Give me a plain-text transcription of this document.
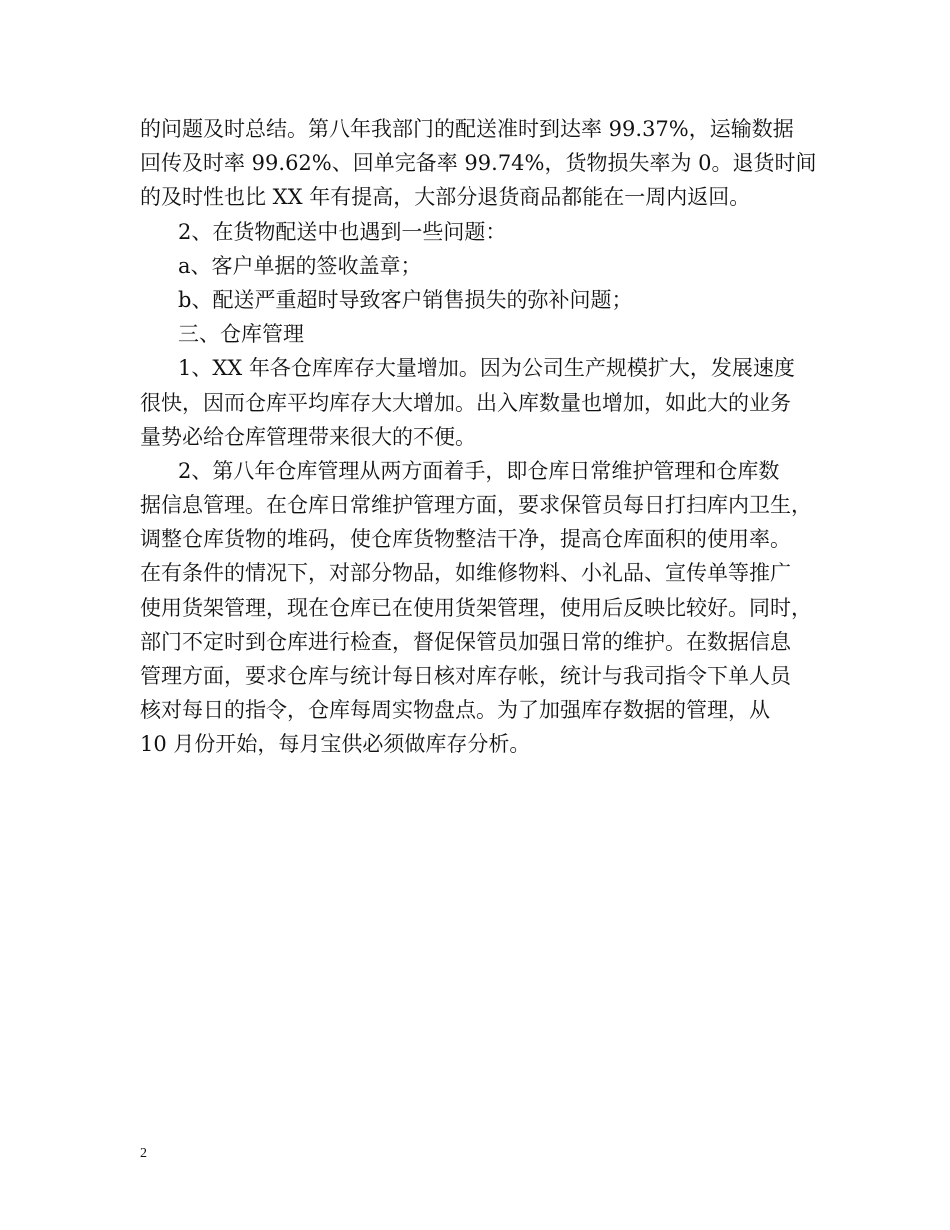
的问题及时总结。第八年我部门的配送准时到达率 99.37%，运输数据
回传及时率 99.62%、回单完备率 99.74%，货物损失率为 0。退货时间
的及时性也比 XX 年有提高，大部分退货商品都能在一周内返回。
2、在货物配送中也遇到一些问题：
a、客户单据的签收盖章；
b、配送严重超时导致客户销售损失的弥补问题；
三、仓库管理
1、XX 年各仓库库存大量增加。因为公司生产规模扩大，发展速度
很快，因而仓库平均库存大大增加。出入库数量也增加，如此大的业务
量势必给仓库管理带来很大的不便。
2、第八年仓库管理从两方面着手，即仓库日常维护管理和仓库数
据信息管理。在仓库日常维护管理方面，要求保管员每日打扫库内卫生，
调整仓库货物的堆码，使仓库货物整洁干净，提高仓库面积的使用率。
在有条件的情况下，对部分物品，如维修物料、小礼品、宣传单等推广
使用货架管理，现在仓库已在使用货架管理，使用后反映比较好。同时，
部门不定时到仓库进行检查，督促保管员加强日常的维护。在数据信息
管理方面，要求仓库与统计每日核对库存帐，统计与我司指令下单人员
核对每日的指令，仓库每周实物盘点。为了加强库存数据的管理，从
10 月份开始，每月宝供必须做库存分析。
2
